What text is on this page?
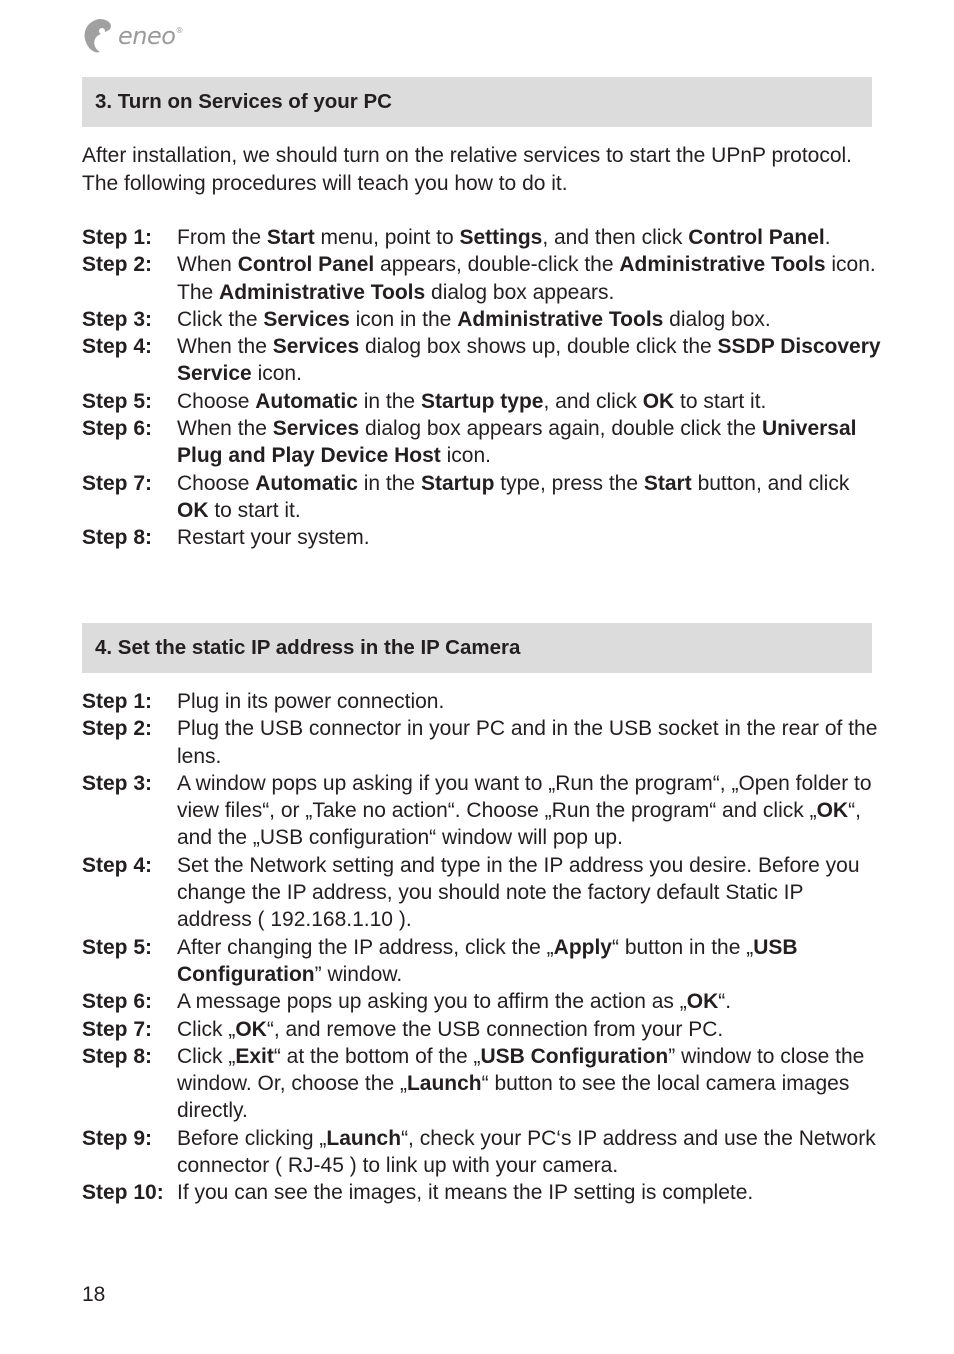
eneo®
3. Turn on Services of your PC
After installation, we should turn on the relative services to start the UPnP protocol. The following procedures will teach you how to do it.
Step 1:	From the Start menu, point to Settings, and then click Control Panel.
Step 2:	When Control Panel appears, double-click the Administrative Tools icon. The Administrative Tools dialog box appears.
Step 3:	Click the Services icon in the Administrative Tools dialog box.
Step 4:	When the Services dialog box shows up, double click the SSDP Discovery Service icon.
Step 5:	Choose Automatic in the Startup type, and click OK to start it.
Step 6:	When the Services dialog box appears again, double click the Universal Plug and Play Device Host icon.
Step 7:	Choose Automatic in the Startup type, press the Start button, and click OK to start it.
Step 8:	Restart your system.
4. Set the static IP address in the IP Camera
Step 1:	Plug in its power connection.
Step 2:	Plug the USB connector in your PC and in the USB socket in the rear of the lens.
Step 3:	A window pops up asking if you want to „Run the program“, „Open folder to view files“, or „Take no action“. Choose „Run the program“ and click „OK“, and the „USB configuration“ window will pop up.
Step 4:	Set the Network setting and type in the IP address you desire. Before you change the IP address, you should note the factory default Static IP address ( 192.168.1.10 ).
Step 5:	After changing the IP address, click the „Apply“ button in the „USB Configuration” window.
Step 6:	A message pops up asking you to affirm the action as „OK“.
Step 7:	Click „OK“, and remove the USB connection from your PC.
Step 8:	Click „Exit“ at the bottom of the „USB Configuration” window to close the window. Or, choose the „Launch“ button to see the local camera images directly.
Step 9:	Before clicking „Launch“, check your PC‘s IP address and use the Network connector ( RJ-45 ) to link up with your camera.
Step 10: If you can see the images, it means the IP setting is complete.
18
